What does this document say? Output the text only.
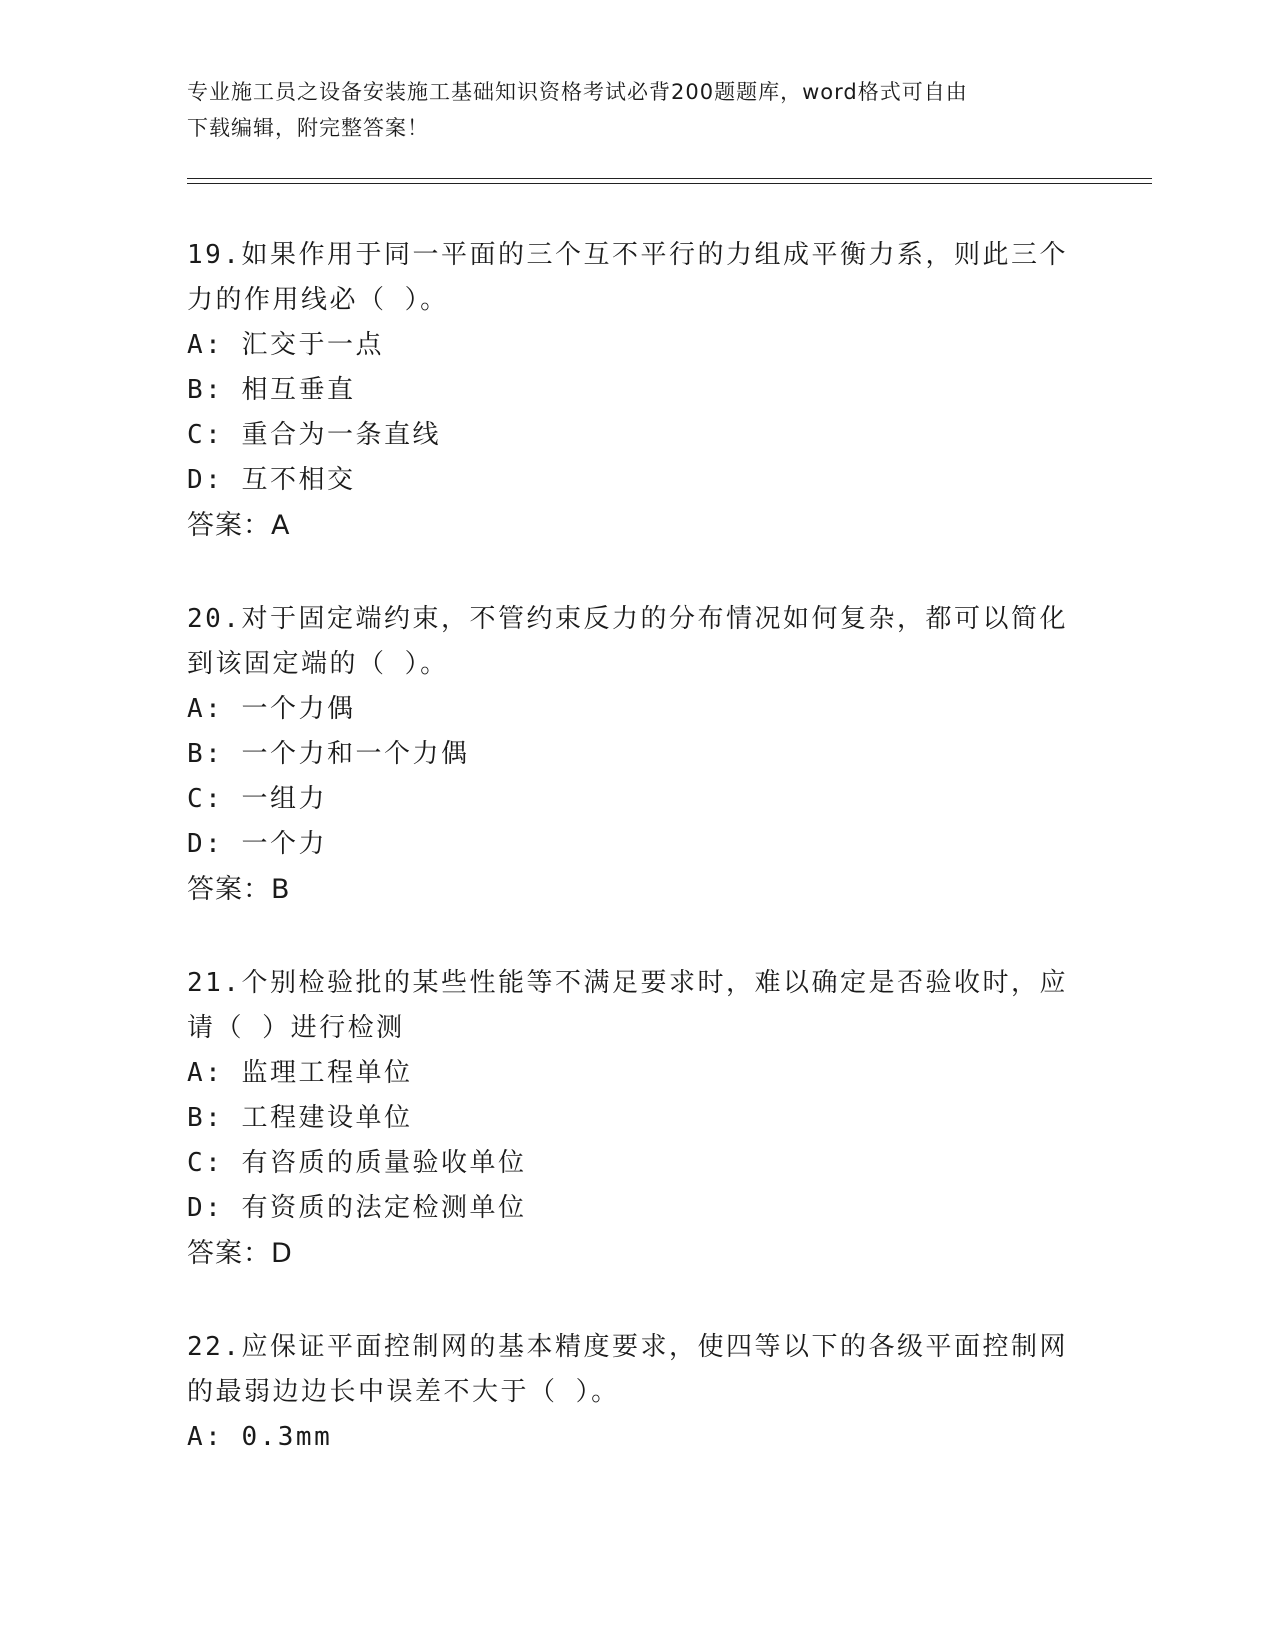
专业施工员之设备安装施工基础知识资格考试必背200题题库，word格式可自由
下载编辑，附完整答案！

19.如果作用于同一平面的三个互不平行的力组成平衡力系，则此三个

力的作用线必（ ）。

A: 汇交于一点

B: 相互垂直

C: 重合为一条直线

D: 互不相交

答案：A

20.对于固定端约束，不管约束反力的分布情况如何复杂，都可以简化

到该固定端的（ ）。

A: 一个力偶

B: 一个力和一个力偶

C: 一组力

D: 一个力

答案：B

21.个别检验批的某些性能等不满足要求时，难以确定是否验收时，应

请（ ）进行检测

A: 监理工程单位

B: 工程建设单位

C: 有咨质的质量验收单位

D: 有资质的法定检测单位

答案：D

22.应保证平面控制网的基本精度要求，使四等以下的各级平面控制网

的最弱边边长中误差不大于（ ）。

A: 0.3mm
